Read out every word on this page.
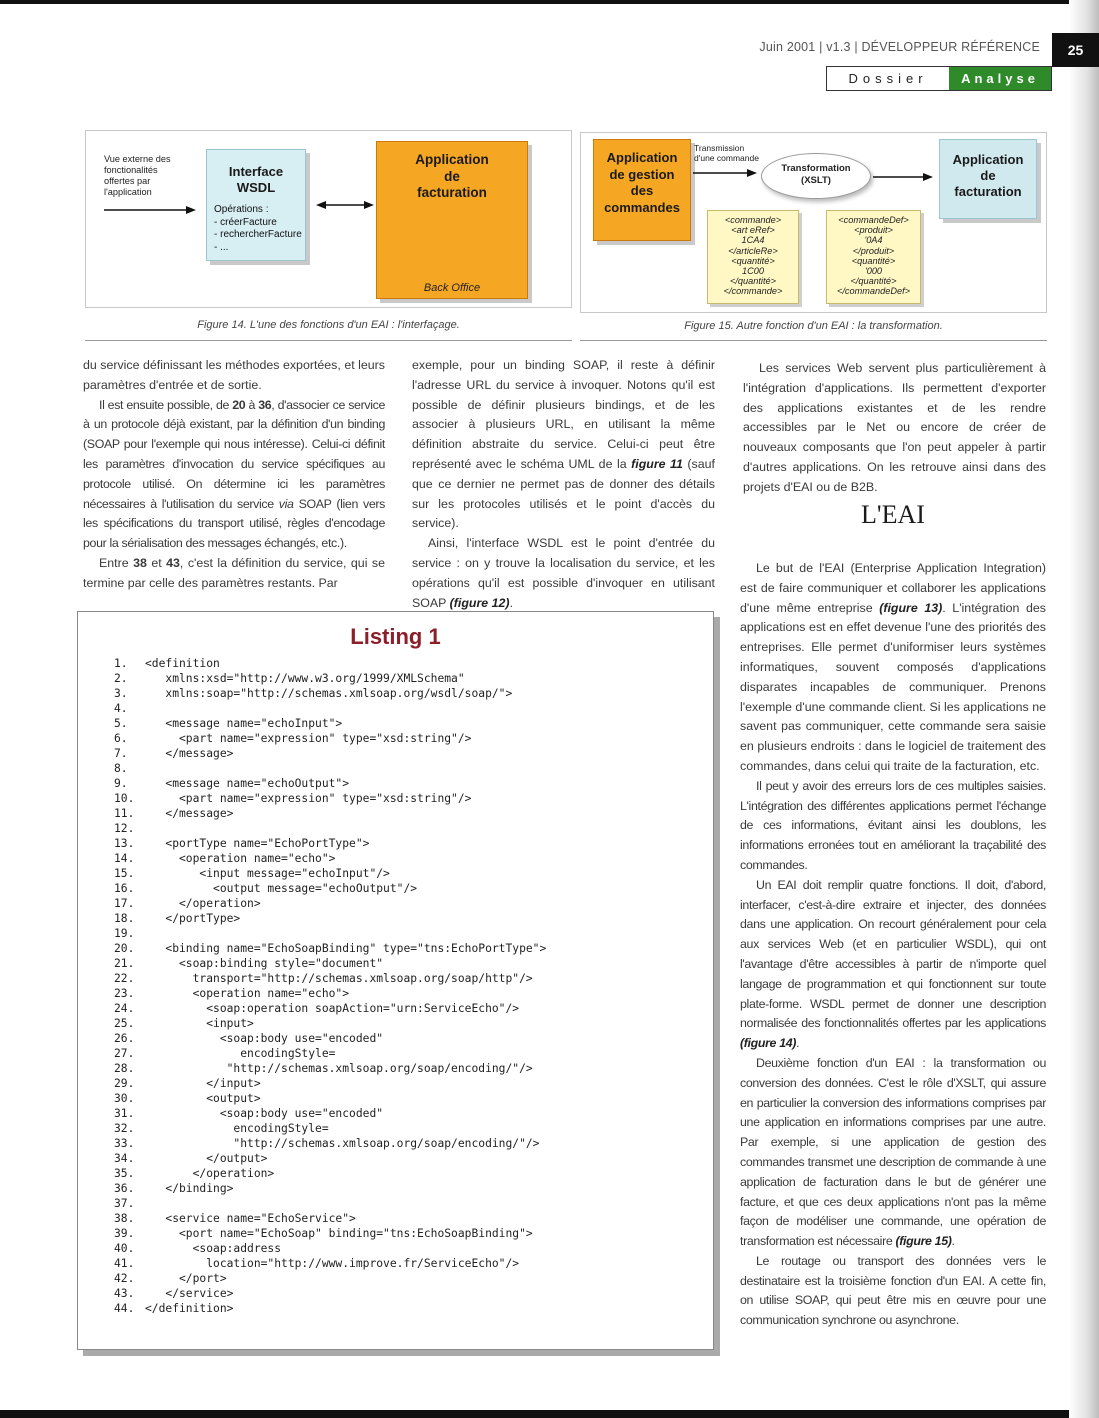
Juin 2001 | v1.3 | DÉVELOPPEUR RÉFÉRENCE	25
Dossier	Analyse
Vue externe des
fonctionalités
offertes par
l'application
Interface
WSDL
Opérations :
- créerFacture
- rechercherFacture
- ...
Application
de
facturation
Back Office
Figure 14. L'une des fonctions d'un EAI : l'interfaçage.
Application
de gestion
des
commandes
Transmission
d'une commande
Transformation
(XSLT)
Application
de
facturation
<commande>
<art eRef>
1CA4
</articleRe>
<quantité>
1C00
</quantité>
</commande>
<commandeDef>
<produit>
'0A4
</produit>
<quantité>
'000
</quantité>
</commandeDef>
Figure 15. Autre fonction d'un EAI : la transformation.

du service définissant les méthodes exportées, et leurs paramètres d'entrée et de sortie.

Il est ensuite possible, de 20 à 36, d'associer ce service à un protocole déjà existant, par la définition d'un binding (SOAP pour l'exemple qui nous intéresse). Celui-ci définit les paramètres d'invocation du service spécifiques au protocole utilisé. On détermine ici les paramètres nécessaires à l'utilisation du service via SOAP (lien vers les spécifications du transport utilisé, règles d'encodage pour la sérialisation des messages échangés, etc.).

Entre 38 et 43, c'est la définition du service, qui se termine par celle des paramètres restants. Par

exemple, pour un binding SOAP, il reste à définir l'adresse URL du service à invoquer. Notons qu'il est possible de définir plusieurs bindings, et de les associer à plusieurs URL, en utilisant la même définition abstraite du service. Celui-ci peut être représenté avec le schéma UML de la figure 11 (sauf que ce dernier ne permet pas de donner des détails sur les protocoles utilisés et le point d'accès du service).

Ainsi, l'interface WSDL est le point d'entrée du service : on y trouve la localisation du service, et les opérations qu'il est possible d'invoquer en utilisant SOAP (figure 12).

Les services Web servent plus particulièrement à l'intégration d'applications. Ils permettent d'exporter des applications existantes et de les rendre accessibles par le Net ou encore de créer de nouveaux composants que l'on peut appeler à partir d'autres applications. On les retrouve ainsi dans des projets d'EAI ou de B2B.

L'EAI

Le but de l'EAI (Enterprise Application Integration) est de faire communiquer et collaborer les applications d'une même entreprise (figure 13). L'intégration des applications est en effet devenue l'une des priorités des entreprises. Elle permet d'uniformiser leurs systèmes informatiques, souvent composés d'applications disparates incapables de communiquer. Prenons l'exemple d'une commande client. Si les applications ne savent pas communiquer, cette commande sera saisie en plusieurs endroits : dans le logiciel de traitement des commandes, dans celui qui traite de la facturation, etc.

Il peut y avoir des erreurs lors de ces multiples saisies. L'intégration des différentes applications permet l'échange de ces informations, évitant ainsi les doublons, les informations erronées tout en améliorant la traçabilité des commandes.

Un EAI doit remplir quatre fonctions. Il doit, d'abord, interfacer, c'est-à-dire extraire et injecter, des données dans une application. On recourt généralement pour cela aux services Web (et en particulier WSDL), qui ont l'avantage d'être accessibles à partir de n'importe quel langage de programmation et qui fonctionnent sur toute plate-forme. WSDL permet de donner une description normalisée des fonctionnalités offertes par les applications (figure 14).

Deuxième fonction d'un EAI : la transformation ou conversion des données. C'est le rôle d'XSLT, qui assure en particulier la conversion des informations comprises par une application en informations comprises par une autre. Par exemple, si une application de gestion des commandes transmet une description de commande à une application de facturation dans le but de générer une facture, et que ces deux applications n'ont pas la même façon de modéliser une commande, une opération de transformation est nécessaire (figure 15).

Le routage ou transport des données vers le destinataire est la troisième fonction d'un EAI. A cette fin, on utilise SOAP, qui peut être mis en œuvre pour une communication synchrone ou asynchrone.

Listing 1
1. <definition
2.   xmlns:xsd="http://www.w3.org/1999/XMLSchema"
3.   xmlns:soap="http://schemas.xmlsoap.org/wsdl/soap/">
4.
5.   <message name="echoInput">
6.     <part name="expression" type="xsd:string"/>
7.   </message>
8.
9.   <message name="echoOutput">
10.     <part name="expression" type="xsd:string"/>
11.   </message>
12.
13.   <portType name="EchoPortType">
14.     <operation name="echo">
15.        <input message="echoInput"/>
16.          <output message="echoOutput"/>
17.     </operation>
18.   </portType>
19.
20.   <binding name="EchoSoapBinding" type="tns:EchoPortType">
21.     <soap:binding style="document"
22.       transport="http://schemas.xmlsoap.org/soap/http"/>
23.       <operation name="echo">
24.         <soap:operation soapAction="urn:ServiceEcho"/>
25.         <input>
26.           <soap:body use="encoded"
27.              encodingStyle=
28.            "http://schemas.xmlsoap.org/soap/encoding/"/>
29.         </input>
30.         <output>
31.           <soap:body use="encoded"
32.             encodingStyle=
33.             "http://schemas.xmlsoap.org/soap/encoding/"/>
34.         </output>
35.       </operation>
36.   </binding>
37.
38.   <service name="EchoService">
39.     <port name="EchoSoap" binding="tns:EchoSoapBinding">
40.       <soap:address
41.         location="http://www.improve.fr/ServiceEcho"/>
42.     </port>
43.   </service>
44. </definition>
